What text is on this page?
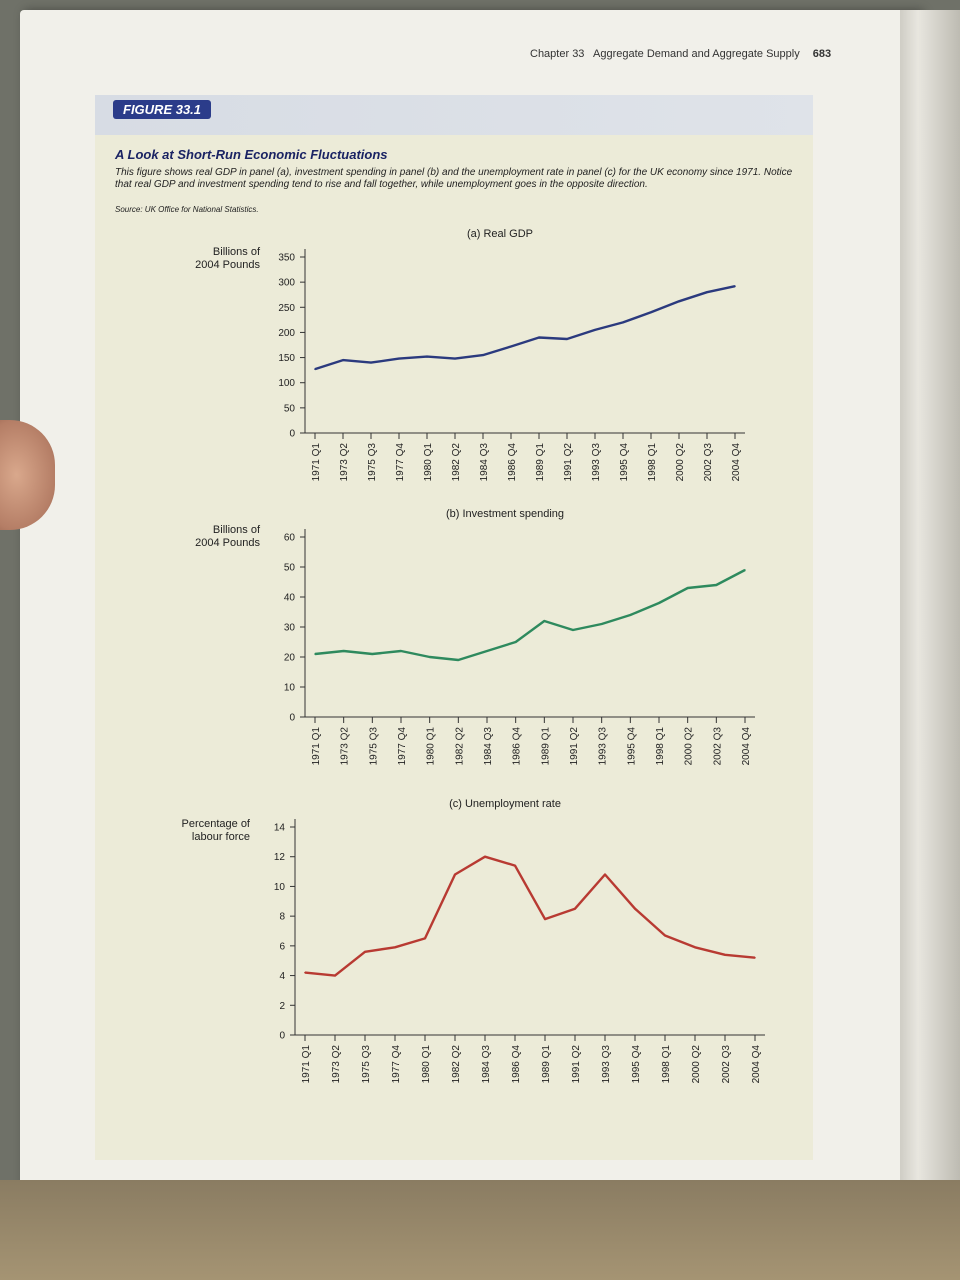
Chapter 33 Aggregate Demand and Aggregate Supply 683
FIGURE 33.1
A Look at Short-Run Economic Fluctuations
This figure shows real GDP in panel (a), investment spending in panel (b) and the unemployment rate in panel (c) for the UK economy since 1971. Notice that real GDP and investment spending tend to rise and fall together, while unemployment goes in the opposite direction.
Source: UK Office for National Statistics.
(a) Real GDP
Billions of 2004 Pounds
0
50
100
150
200
250
300
350
1971 Q1 1973 Q2 1975 Q3 1977 Q4 1980 Q1 1982 Q2 1984 Q3 1986 Q4 1989 Q1 1991 Q2 1993 Q3 1995 Q4 1998 Q1 2000 Q2 2002 Q3 2004 Q4
(b) Investment spending
Billions of 2004 Pounds
0
10
20
30
40
50
60
1971 Q1 1973 Q2 1975 Q3 1977 Q4 1980 Q1 1982 Q2 1984 Q3 1986 Q4 1989 Q1 1991 Q2 1993 Q3 1995 Q4 1998 Q1 2000 Q2 2002 Q3 2004 Q4
(c) Unemployment rate
Percentage of labour force
0
2
4
6
8
10
12
14
1971 Q1 1973 Q2 1975 Q3 1977 Q4 1980 Q1 1982 Q2 1984 Q3 1986 Q4 1989 Q1 1991 Q2 1993 Q3 1995 Q4 1998 Q1 2000 Q2 2002 Q3 2004 Q4
